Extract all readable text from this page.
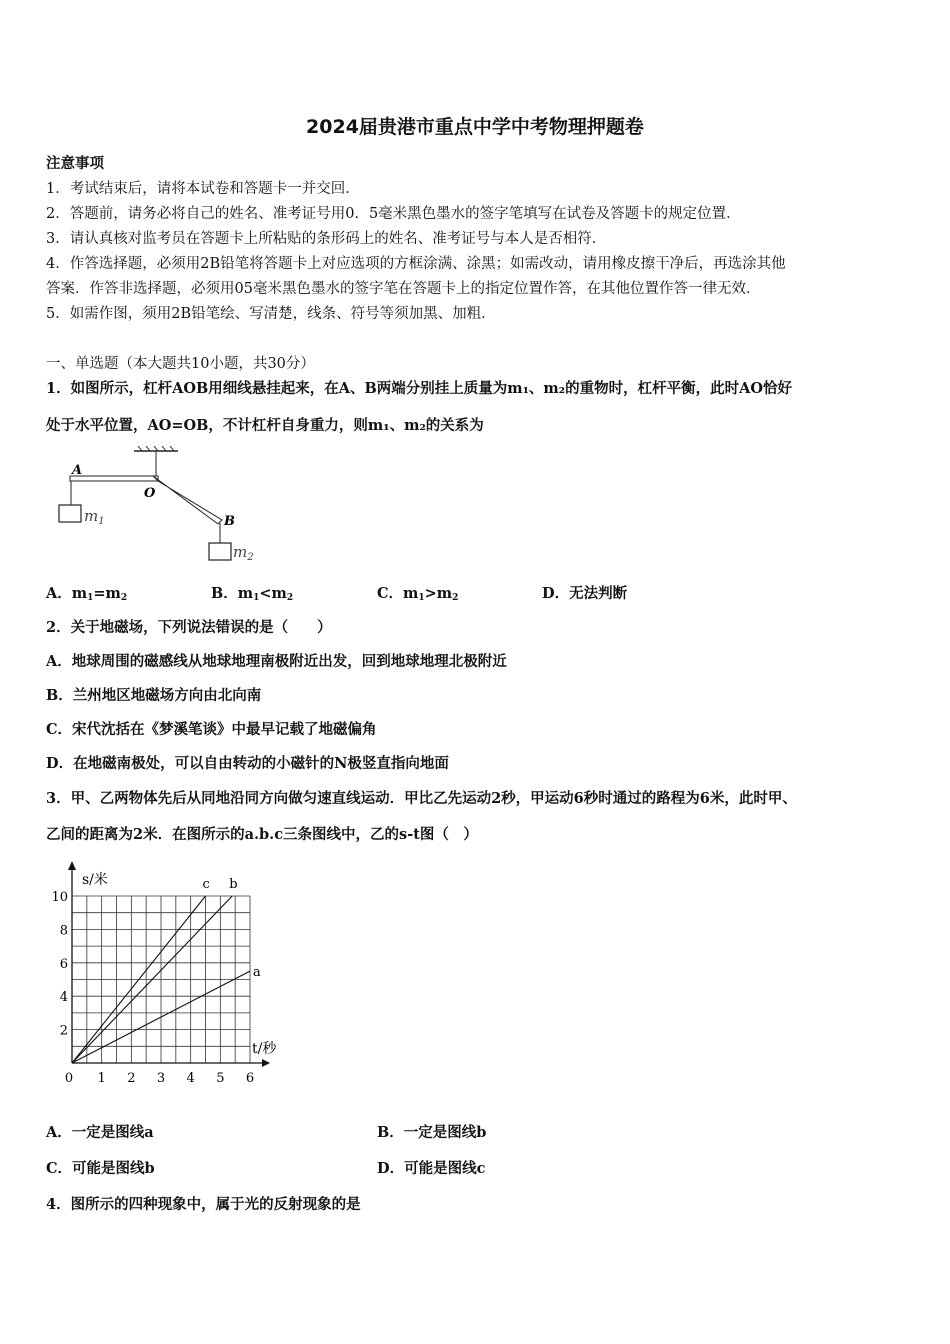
2024届贵港市重点中学中考物理押题卷
注意事项
1．考试结束后，请将本试卷和答题卡一并交回．
2．答题前，请务必将自己的姓名、准考证号用0．5毫米黑色墨水的签字笔填写在试卷及答题卡的规定位置．
3．请认真核对监考员在答题卡上所粘贴的条形码上的姓名、准考证号与本人是否相符．
4．作答选择题，必须用2B铅笔将答题卡上对应选项的方框涂满、涂黑；如需改动，请用橡皮擦干净后，再选涂其他
答案．作答非选择题，必须用05毫米黑色墨水的签字笔在答题卡上的指定位置作答，在其他位置作答一律无效．
5．如需作图，须用2B铅笔绘、写清楚，线条、符号等须加黑、加粗．
一、单选题（本大题共10小题，共30分）
1．如图所示，杠杆AOB用细线悬挂起来，在A、B两端分别挂上质量为m₁、m₂的重物时，杠杆平衡，此时AO恰好
处于水平位置，AO=OB，不计杠杆自身重力，则m₁、m₂的关系为
A
O
B
$m_1$
$m_2$
A．$m_1=m_2$	B．$m_1<m_2$	C．$m_1>m_2$	D．无法判断
2．关于地磁场，下列说法错误的是（　　）
A．地球周围的磁感线从地球地理南极附近出发，回到地球地理北极附近
B．兰州地区地磁场方向由北向南
C．宋代沈括在《梦溪笔谈》中最早记载了地磁偏角
D．在地磁南极处，可以自由转动的小磁针的N极竖直指向地面
3．甲、乙两物体先后从同地沿同方向做匀速直线运动．甲比乙先运动2秒，甲运动6秒时通过的路程为6米，此时甲、
乙间的距离为2米．在图所示的a.b.c三条图线中，乙的s-t图（　）
0 1 2 3 4 5 6
2
4
6
8
10
a
b
c
s/米
t/秒
A．一定是图线a	B．一定是图线b
C．可能是图线b	D．可能是图线c
4．图所示的四种现象中，属于光的反射现象的是
